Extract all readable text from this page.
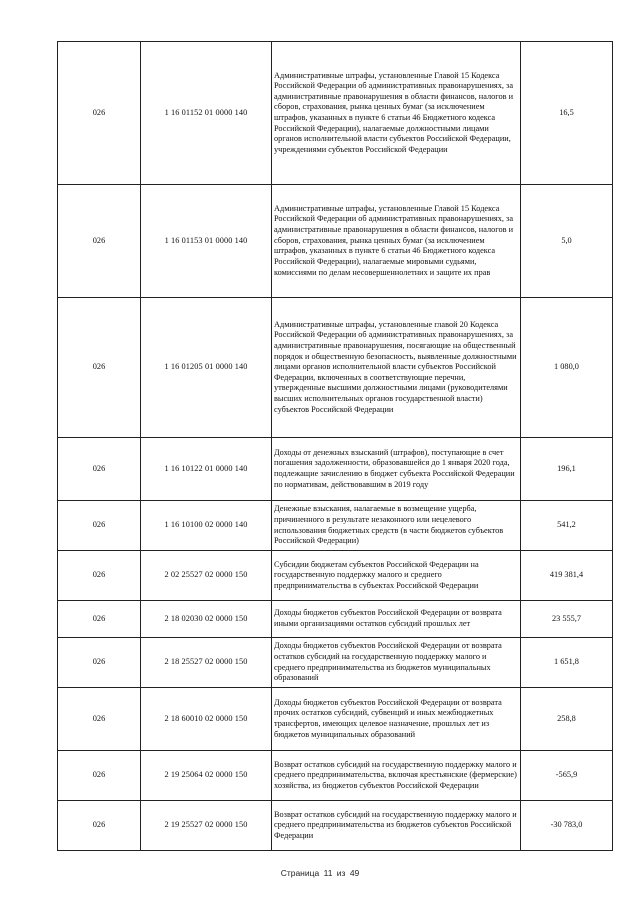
026	1 16 01152 01 0000 140	Административные штрафы, установленные Главой 15 Кодекса Российской Федерации об административных правонарушениях, за административные правонарушения в области финансов, налогов и сборов, страхования, рынка ценных бумаг (за исключением штрафов, указанных в пункте 6 статьи 46 Бюджетного кодекса Российской Федерации), налагаемые должностными лицами органов исполнительной власти субъектов Российской Федерации, учреждениями субъектов Российской Федерации	16,5
026	1 16 01153 01 0000 140	Административные штрафы, установленные Главой 15 Кодекса Российской Федерации об административных правонарушениях, за административные правонарушения в области финансов, налогов и сборов, страхования, рынка ценных бумаг (за исключением штрафов, указанных в пункте 6 статьи 46 Бюджетного кодекса Российской Федерации), налагаемые мировыми судьями, комиссиями по делам несовершеннолетних и защите их прав	5,0
026	1 16 01205 01 0000 140	Административные штрафы, установленные главой 20 Кодекса Российской Федерации об административных правонарушениях, за административные правонарушения, посягающие на общественный порядок и общественную безопасность, выявленные должностными лицами органов исполнительной власти субъектов Российской Федерации, включенных в соответствующие перечни, утвержденные высшими должностными лицами (руководителями высших исполнительных органов государственной власти) субъектов Российской Федерации	1 080,0
026	1 16 10122 01 0000 140	Доходы от денежных взысканий (штрафов), поступающие в счет погашения задолженности, образовавшейся до 1 января 2020 года, подлежащие зачислению в бюджет субъекта Российской Федерации по нормативам, действовавшим в 2019 году	196,1
026	1 16 10100 02 0000 140	Денежные взыскания, налагаемые в возмещение ущерба, причиненного в результате незаконного или нецелевого использования бюджетных средств (в части бюджетов субъектов Российской Федерации)	541,2
026	2 02 25527 02 0000 150	Субсидии бюджетам субъектов Российской Федерации на государственную поддержку малого и среднего предпринимательства в субъектах Российской Федерации	419 381,4
026	2 18 02030 02 0000 150	Доходы бюджетов субъектов Российской Федерации от возврата иными организациями остатков субсидий прошлых лет	23 555,7
026	2 18 25527 02 0000 150	Доходы бюджетов субъектов Российской Федерации от возврата остатков субсидий на государственную поддержку малого и среднего предпринимательства из бюджетов муниципальных образований	1 651,8
026	2 18 60010 02 0000 150	Доходы бюджетов субъектов Российской Федерации от возврата прочих остатков субсидий, субвенций и иных межбюджетных трансфертов, имеющих целевое назначение, прошлых лет из бюджетов муниципальных образований	258,8
026	2 19 25064 02 0000 150	Возврат остатков субсидий на государственную поддержку малого и среднего предпринимательства, включая крестьянские (фермерские) хозяйства, из бюджетов субъектов Российской Федерации	-565,9
026	2 19 25527 02 0000 150	Возврат остатков субсидий на государственную поддержку малого и среднего предпринимательства из бюджетов субъектов Российской Федерации	-30 783,0
Страница 11 из 49
